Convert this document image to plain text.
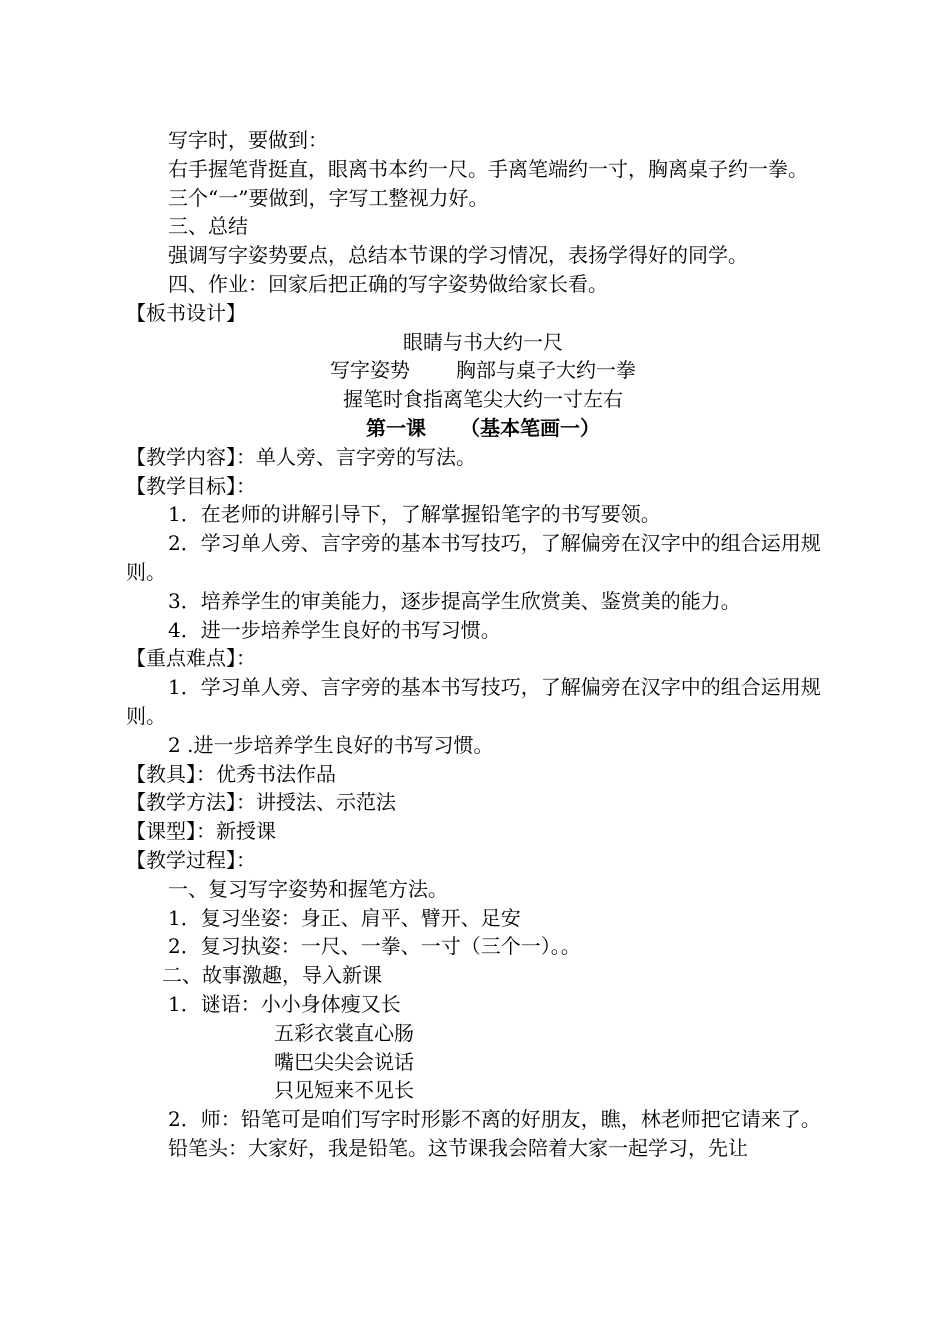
写字时，要做到：

右手握笔背挺直，眼离书本约一尺。手离笔端约一寸，胸离桌子约一拳。

三个“一”要做到，字写工整视力好。

三、总结

强调写字姿势要点，总结本节课的学习情况，表扬学得好的同学。

四、作业：回家后把正确的写字姿势做给家长看。

【板书设计】

眼睛与书大约一尺

写字姿势 胸部与桌子大约一拳

握笔时食指离笔尖大约一寸左右

第一课 （基本笔画一）

【教学内容】：单人旁、言字旁的写法。

【教学目标】：

1．在老师的讲解引导下，了解掌握铅笔字的书写要领。

2．学习单人旁、言字旁的基本书写技巧，了解偏旁在汉字中的组合运用规则。

3．培养学生的审美能力，逐步提高学生欣赏美、鉴赏美的能力。

4．进一步培养学生良好的书写习惯。

【重点难点】：

1．学习单人旁、言字旁的基本书写技巧，了解偏旁在汉字中的组合运用规则。

2 .进一步培养学生良好的书写习惯。

【教具】：优秀书法作品

【教学方法】：讲授法、示范法

【课型】：新授课

【教学过程】：

一、复习写字姿势和握笔方法。

1．复习坐姿：身正、肩平、臂开、足安

2．复习执姿：一尺、一拳、一寸（三个一）。。

二、故事激趣，导入新课

1．谜语：小小身体瘦又长

五彩衣裳直心肠

嘴巴尖尖会说话

只见短来不见长

2．师：铅笔可是咱们写字时形影不离的好朋友，瞧，林老师把它请来了。

铅笔头：大家好，我是铅笔。这节课我会陪着大家一起学习，先让
